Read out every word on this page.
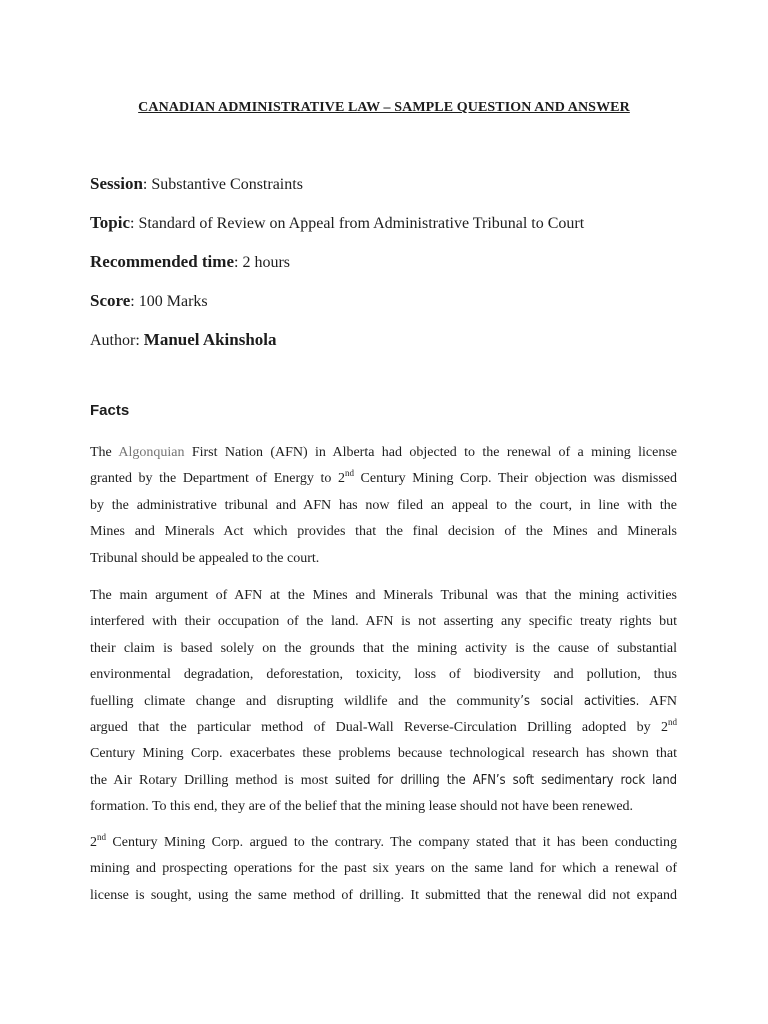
CANADIAN ADMINISTRATIVE LAW – SAMPLE QUESTION AND ANSWER
Session: Substantive Constraints
Topic: Standard of Review on Appeal from Administrative Tribunal to Court
Recommended time: 2 hours
Score: 100 Marks
Author: Manuel Akinshola
Facts
The Algonquian First Nation (AFN) in Alberta had objected to the renewal of a mining license
granted by the Department of Energy to 2nd Century Mining Corp. Their objection was dismissed
by the administrative tribunal and AFN has now filed an appeal to the court, in line with the
Mines and Minerals Act which provides that the final decision of the Mines and Minerals
Tribunal should be appealed to the court.
The main argument of AFN at the Mines and Minerals Tribunal was that the mining activities
interfered with their occupation of the land. AFN is not asserting any specific treaty rights but
their claim is based solely on the grounds that the mining activity is the cause of substantial
environmental degradation, deforestation, toxicity, loss of biodiversity and pollution, thus
fuelling climate change and disrupting wildlife and the community’s social activities. AFN
argued that the particular method of Dual-Wall Reverse-Circulation Drilling adopted by 2nd
Century Mining Corp. exacerbates these problems because technological research has shown that
the Air Rotary Drilling method is most suited for drilling the AFN’s soft sedimentary rock land
formation. To this end, they are of the belief that the mining lease should not have been renewed.
2nd Century Mining Corp. argued to the contrary. The company stated that it has been conducting
mining and prospecting operations for the past six years on the same land for which a renewal of
license is sought, using the same method of drilling. It submitted that the renewal did not expand
